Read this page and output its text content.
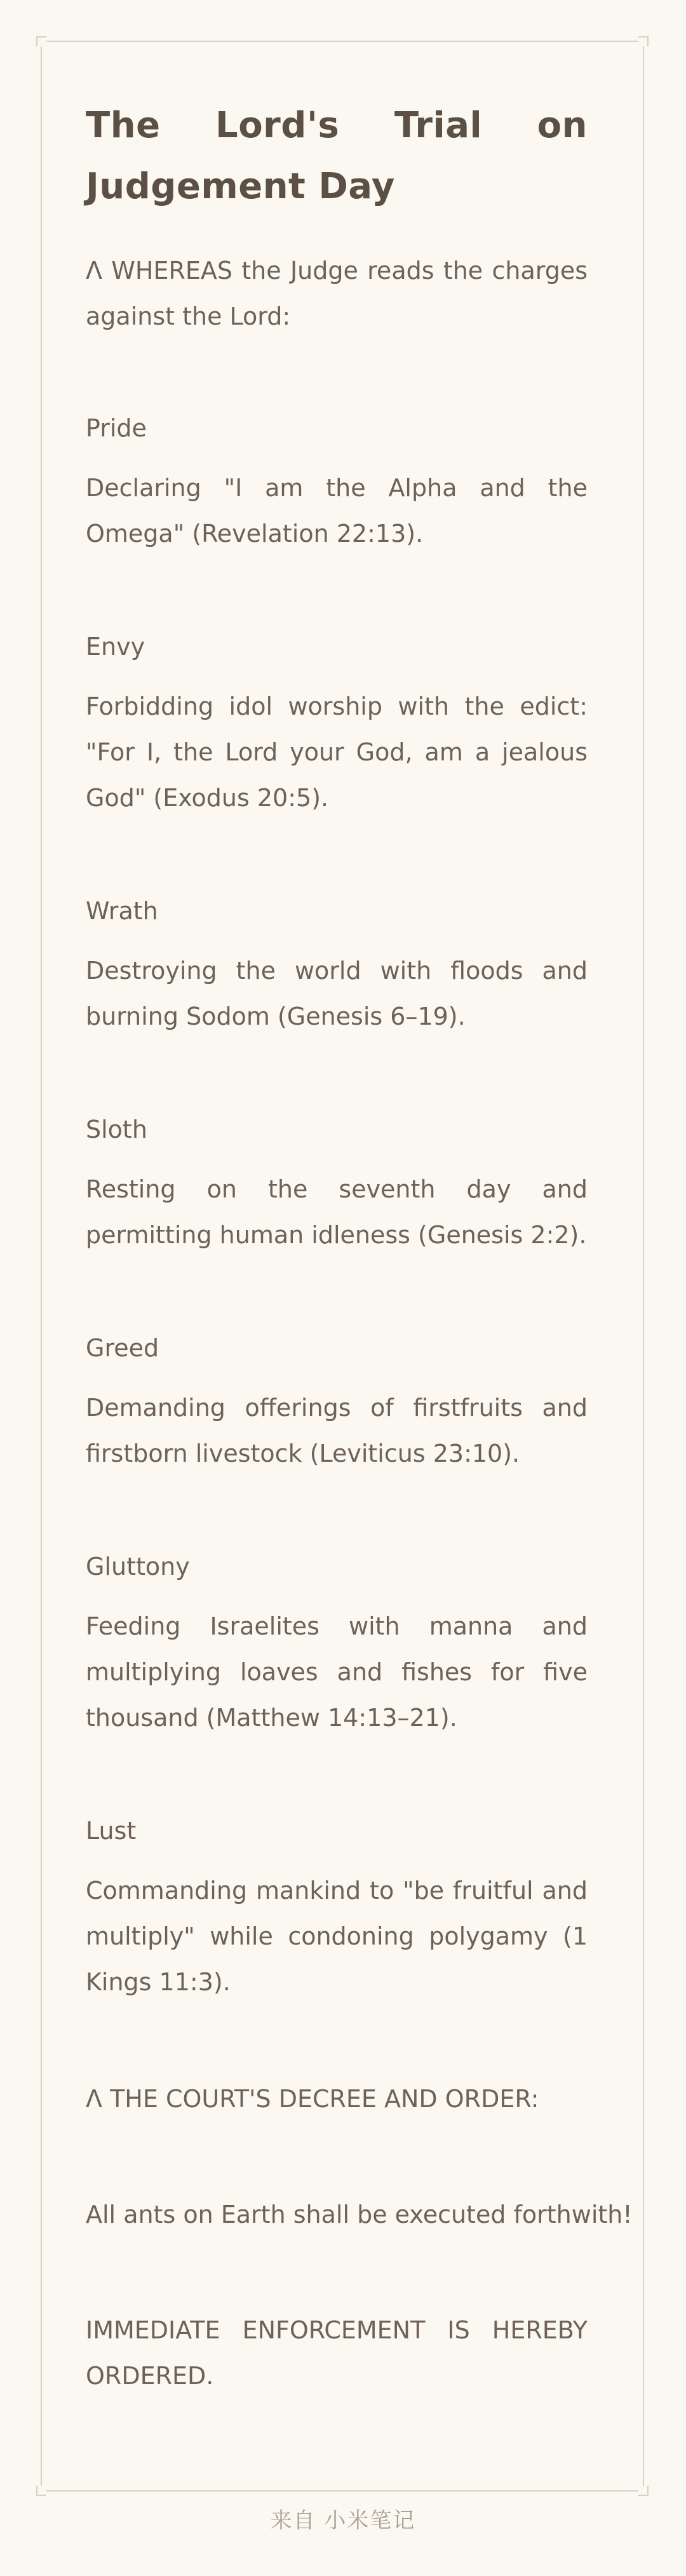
The Lord's Trial on Judgement Day

Λ WHEREAS the Judge reads the charges against the Lord:

Pride

Declaring "I am the Alpha and the Omega" (Revelation 22:13).

Envy

Forbidding idol worship with the edict: "For I, the Lord your God, am a jealous God" (Exodus 20:5).

Wrath

Destroying the world with floods and burning Sodom (Genesis 6–19).

Sloth

Resting on the seventh day and permitting human idleness (Genesis 2:2).

Greed

Demanding offerings of firstfruits and firstborn livestock (Leviticus 23:10).

Gluttony

Feeding Israelites with manna and multiplying loaves and fishes for five thousand (Matthew 14:13–21).

Lust

Commanding mankind to "be fruitful and multiply" while condoning polygamy (1 Kings 11:3).

Λ THE COURT'S DECREE AND ORDER:

All ants on Earth shall be executed forthwith!

IMMEDIATE ENFORCEMENT IS HEREBY ORDERED.

来自 小米笔记
